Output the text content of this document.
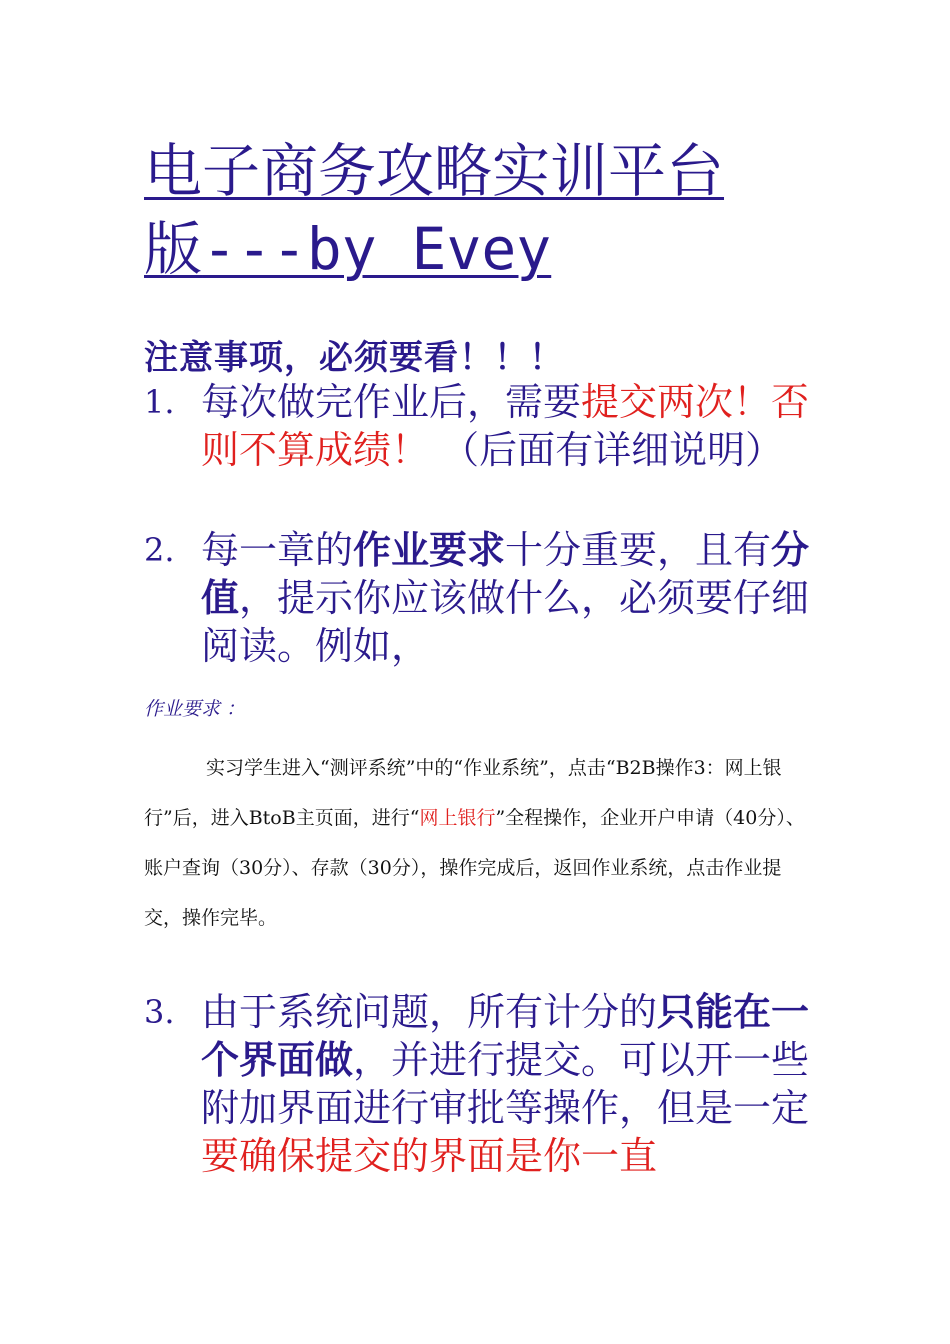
电子商务攻略实训平台版---by Evey
注意事项，必须要看！！！
1. 每次做完作业后，需要提交两次！否则不算成绩！ （后面有详细说明）
2. 每一章的作业要求十分重要，且有分值，提示你应该做什么，必须要仔细阅读。例如，
作业要求 ：
实习学生进入“测评系统”中的“作业系统”，点击“B2B操作3：网上银行”后，进入BtoB主页面，进行“网上银行”全程操作，企业开户申请（40分）、账户查询（30分）、存款（30分），操作完成后，返回作业系统，点击作业提交，操作完毕。
3. 由于系统问题，所有计分的只能在一个界面做，并进行提交。可以开一些附加界面进行审批等操作，但是一定要确保提交的界面是你一直
